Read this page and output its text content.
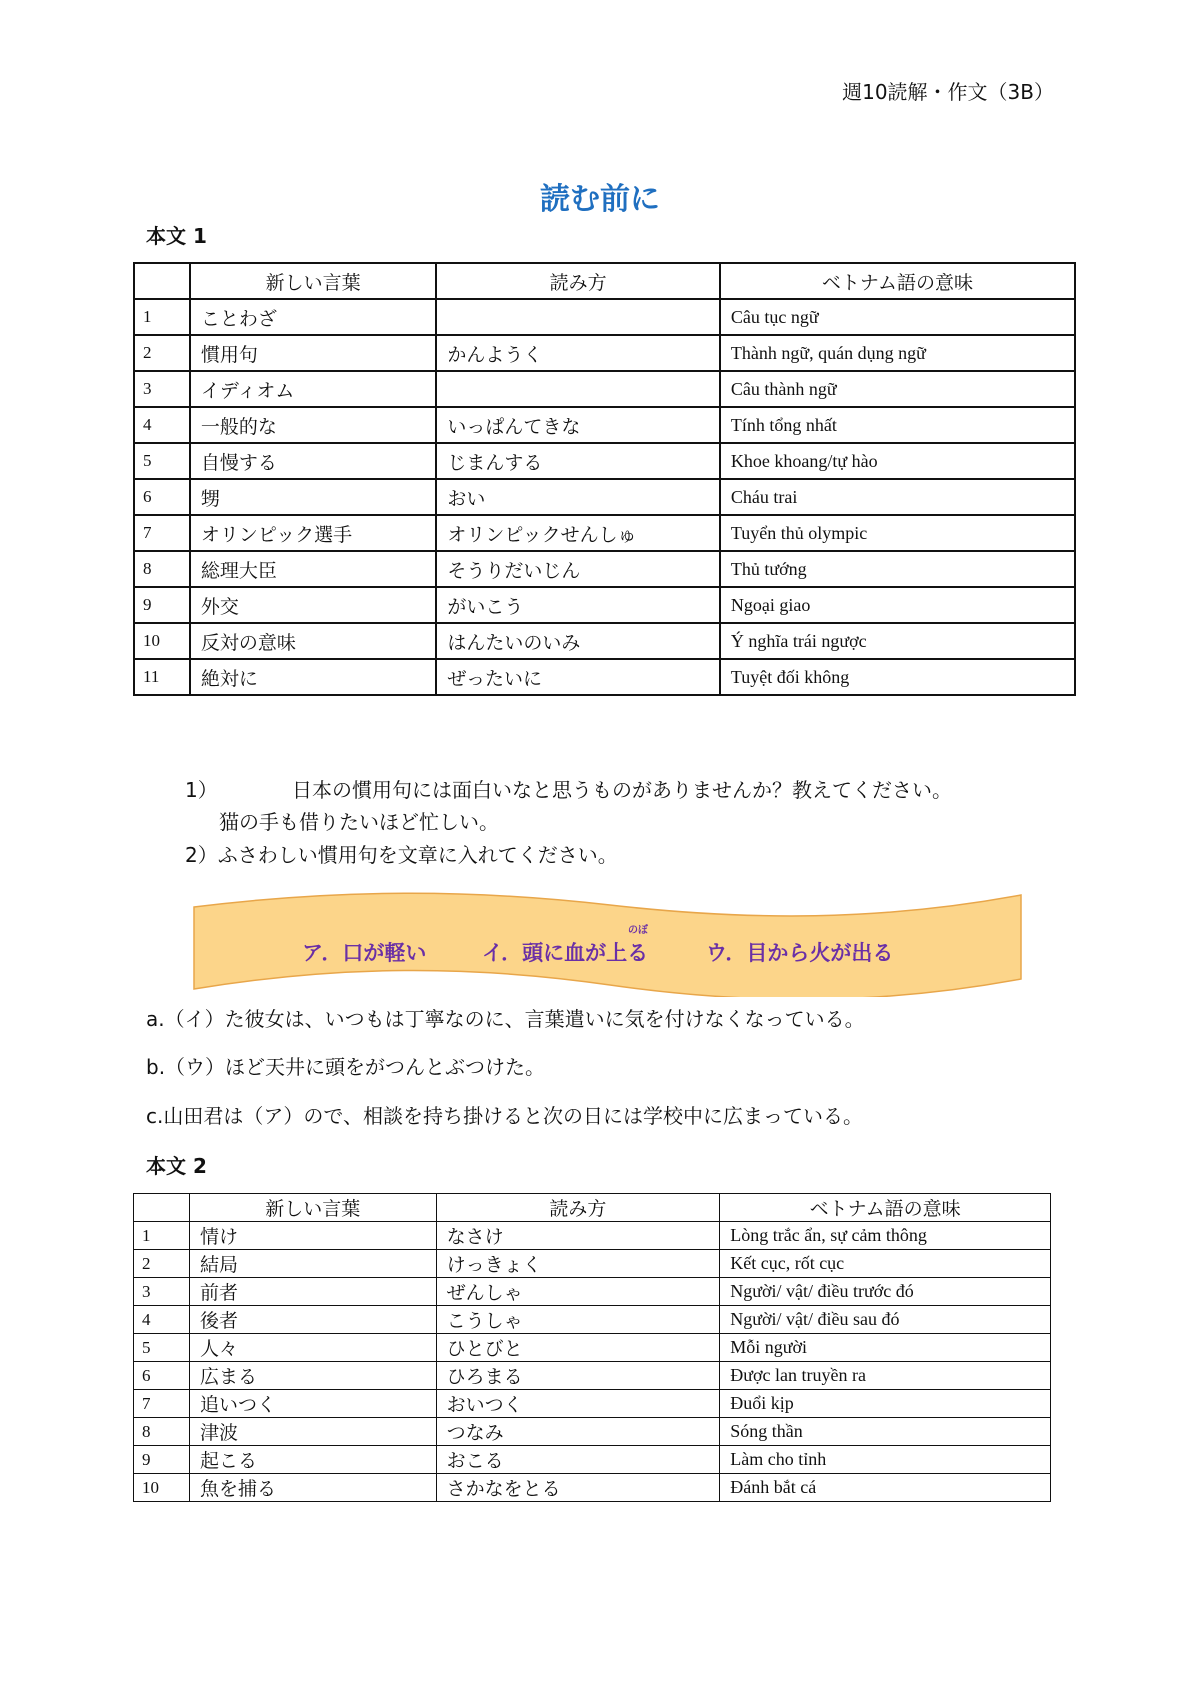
週10読解・作文（3B）
読む前に
本文 1
	新しい言葉	読み方	ベトナム語の意味
1	ことわざ		Câu tục ngữ
2	慣用句	かんようく	Thành ngữ, quán dụng ngữ
3	イディオム		Câu thành ngữ
4	一般的な	いっぱんてきな	Tính tổng nhất
5	自慢する	じまんする	Khoe khoang/tự hào
6	甥	おい	Cháu trai
7	オリンピック選手	オリンピックせんしゅ	Tuyển thủ olympic
8	総理大臣	そうりだいじん	Thủ tướng
9	外交	がいこう	Ngoại giao
10	反対の意味	はんたいのいみ	Ý nghĩa trái ngược
11	絶対に	ぜったいに	Tuyệt đối không
1）	日本の慣用句には面白いなと思うものがありませんか？教えてください。
猫の手も借りたいほど忙しい。
2）ふさわしい慣用句を文章に入れてください。
のぼ
ア．口が軽い	イ．頭に血が上る	ウ．目から火が出る
a.（イ）た彼女は、いつもは丁寧なのに、言葉遣いに気を付けなくなっている。
b.（ウ）ほど天井に頭をがつんとぶつけた。
c.山田君は（ア）ので、相談を持ち掛けると次の日には学校中に広まっている。
本文 2
	新しい言葉	読み方	ベトナム語の意味
1	情け	なさけ	Lòng trắc ẩn, sự cảm thông
2	結局	けっきょく	Kết cục, rốt cục
3	前者	ぜんしゃ	Người/ vật/ điều trước đó
4	後者	こうしゃ	Người/ vật/ điều sau đó
5	人々	ひとびと	Mỗi người
6	広まる	ひろまる	Được lan truyền ra
7	追いつく	おいつく	Đuổi kịp
8	津波	つなみ	Sóng thần
9	起こる	おこる	Làm cho tỉnh
10	魚を捕る	さかなをとる	Đánh bắt cá
